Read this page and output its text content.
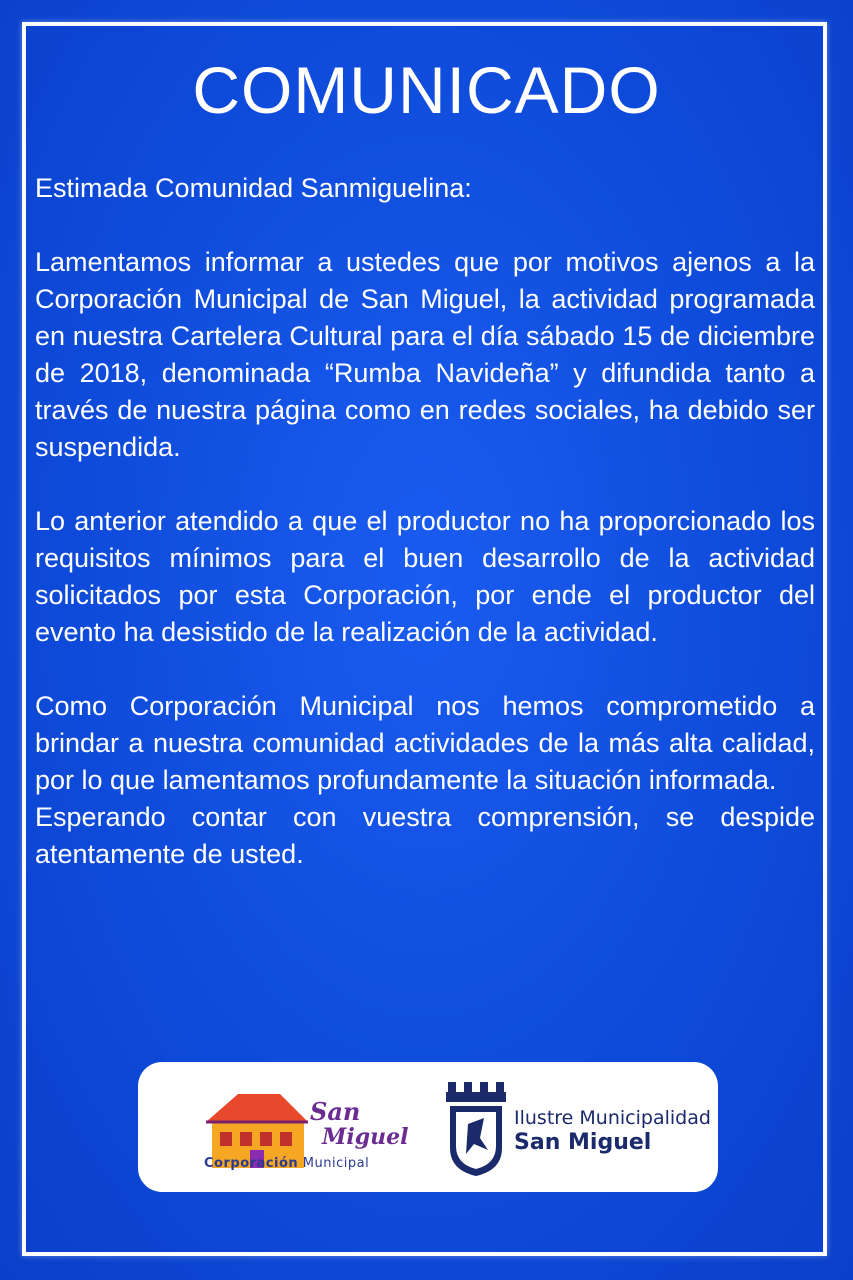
COMUNICADO

Estimada Comunidad Sanmiguelina:

Lamentamos informar a ustedes que por motivos ajenos a la Corporación Municipal de San Miguel, la actividad programada en nuestra Cartelera Cultural para el día sábado 15 de diciembre de 2018, denominada “Rumba Navideña” y difundida tanto a través de nuestra página como en redes sociales, ha debido ser suspendida.

Lo anterior atendido a que el productor no ha proporcionado los requisitos mínimos para el buen desarrollo de la actividad solicitados por esta Corporación, por ende el productor del evento ha desistido de la realización de la actividad.

Como Corporación Municipal nos hemos comprometido a brindar a nuestra comunidad actividades de la más alta calidad, por lo que lamentamos profundamente la situación informada.

Esperando contar con vuestra comprensión, se despide atentamente de usted.

San
Miguel
Corporación Municipal
Ilustre Municipalidad
San Miguel
